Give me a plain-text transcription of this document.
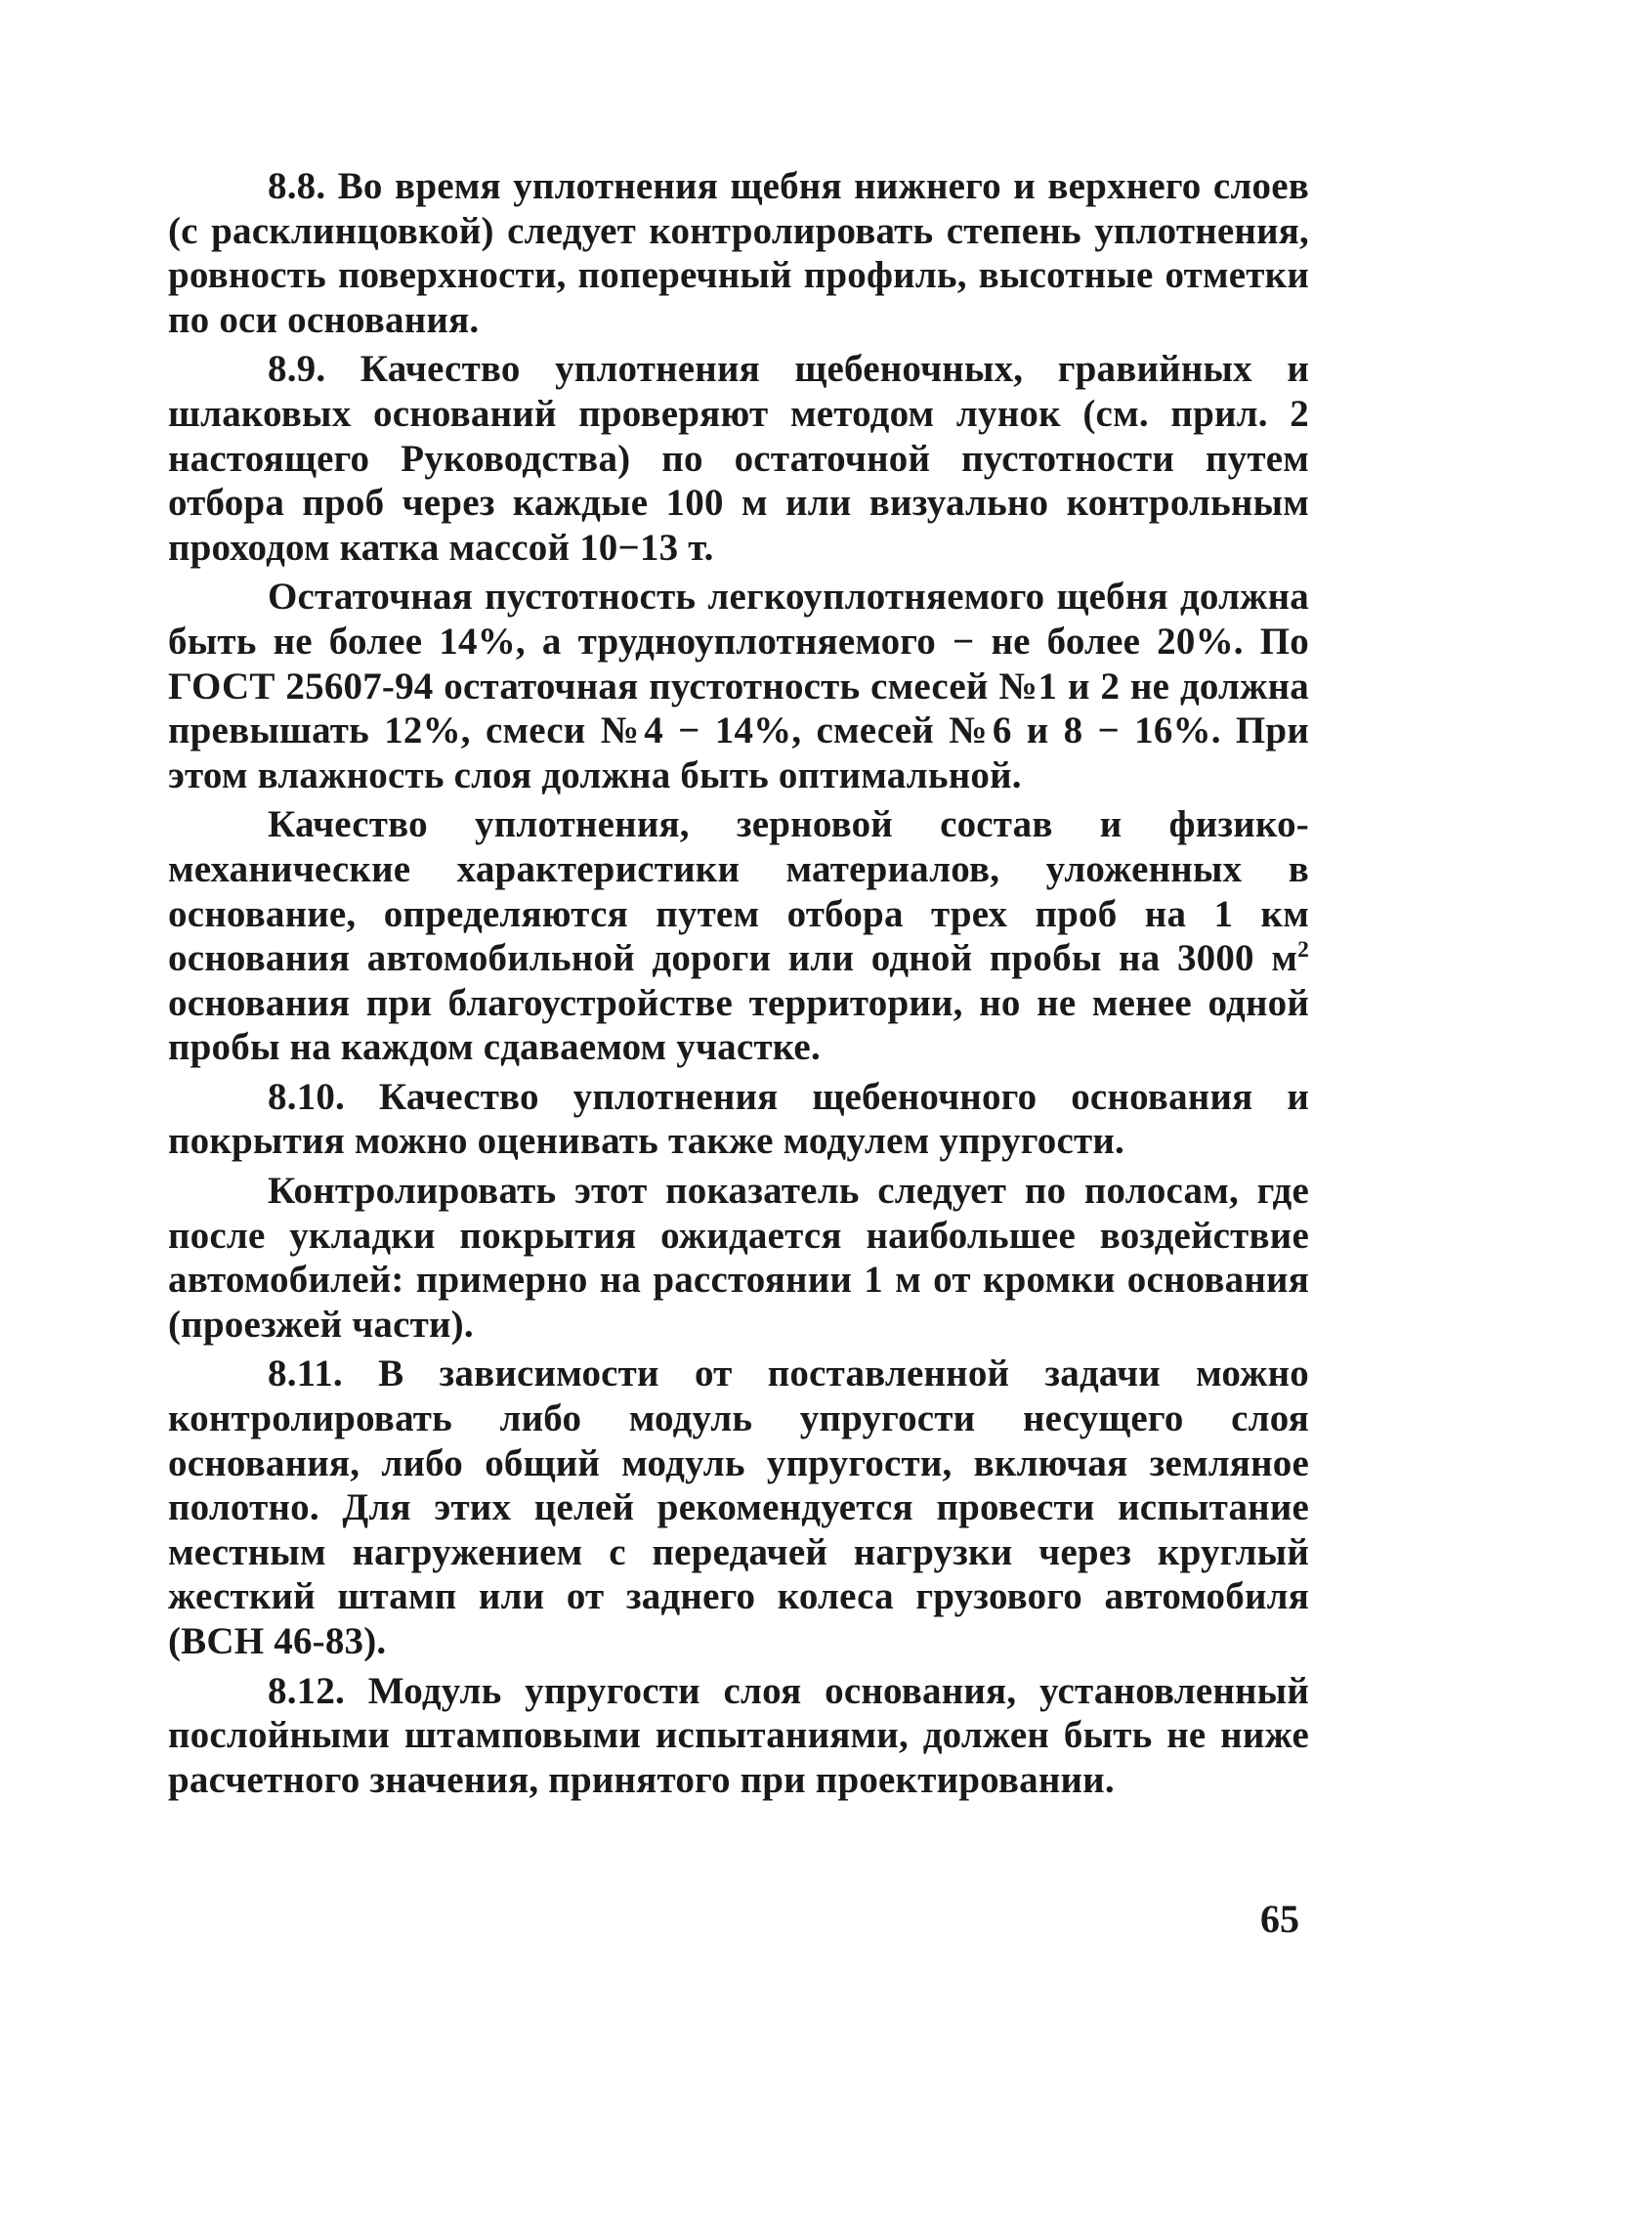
8.8. Во время уплотнения щебня нижнего и верхнего слоев (с расклинцовкой) следует контролировать степень уплотнения, ровность поверхности, поперечный профиль, высотные отметки по оси основания.

8.9. Качество уплотнения щебеночных, гравийных и шлаковых оснований проверяют методом лунок (см. прил. 2 настоящего Руководства) по остаточной пустотности путем отбора проб через каждые 100 м или визуально контрольным проходом катка массой 10−13 т.

Остаточная пустотность легкоуплотняемого щебня должна быть не более 14%, а трудноуплотняемого − не более 20%. По ГОСТ 25607-94 остаточная пустотность смесей №1 и 2 не должна превышать 12%, смеси №4 − 14%, смесей №6 и 8 − 16%. При этом влажность слоя должна быть оптимальной.

Качество уплотнения, зерновой состав и физико-механические характеристики материалов, уложенных в основание, определяются путем отбора трех проб на 1 км основания автомобильной дороги или одной пробы на 3000 $м^2$ основания при благоустройстве территории, но не менее одной пробы на каждом сдаваемом участке.

8.10. Качество уплотнения щебеночного основания и покрытия можно оценивать также модулем упругости.

Контролировать этот показатель следует по полосам, где после укладки покрытия ожидается наибольшее воздействие автомобилей: примерно на расстоянии 1 м от кромки основания (проезжей части).

8.11. В зависимости от поставленной задачи можно контролировать либо модуль упругости несущего слоя основания, либо общий модуль упругости, включая земляное полотно. Для этих целей рекомендуется провести испытание местным нагружением с передачей нагрузки через круглый жесткий штамп или от заднего колеса грузового автомобиля (ВСН 46-83).

8.12. Модуль упругости слоя основания, установленный послойными штамповыми испытаниями, должен быть не ниже расчетного значения, принятого при проектировании.

65
